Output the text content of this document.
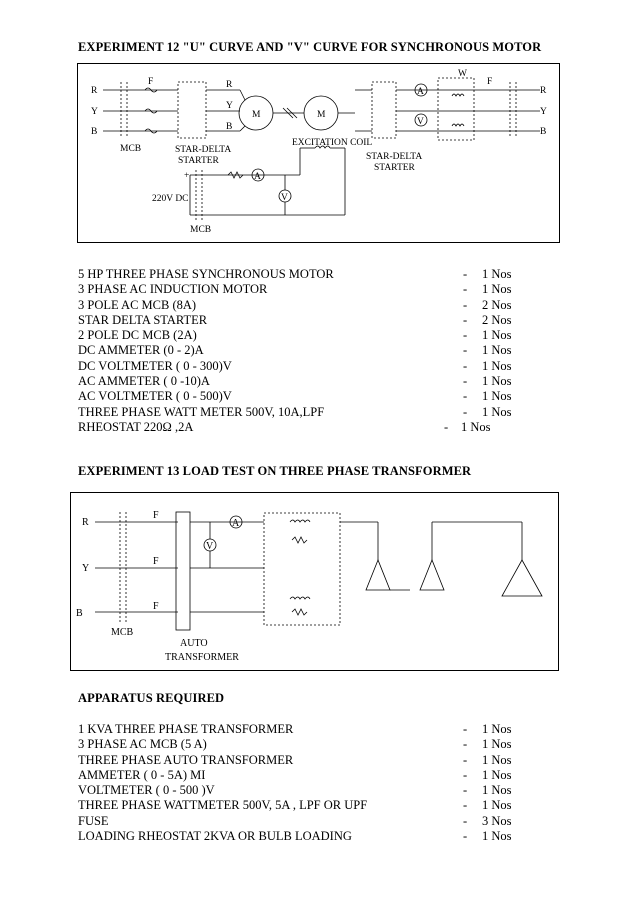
EXPERIMENT 12 "U" CURVE AND "V" CURVE FOR SYNCHRONOUS MOTOR
R
Y
B
F
MCB
R
Y
B
M	M
STAR-DELTA
STARTER
+
220V DC
MCB
A
V
EXCITATION COIL
STAR-DELTA
STARTER
A
V
W
F
R
Y
B
R
Y
B
F
F
F
MCB
A
V
AUTO
TRANSFORMER
5 HP THREE PHASE SYNCHRONOUS MOTOR	- 1 Nos
3 PHASE AC INDUCTION MOTOR	- 1 Nos
3 POLE AC MCB (8A)	- 2 Nos
STAR DELTA STARTER	- 2 Nos
2 POLE DC MCB (2A)	- 1 Nos
DC AMMETER (0 - 2)A	- 1 Nos
DC VOLTMETER ( 0 - 300)V	- 1 Nos
AC AMMETER ( 0 -10)A	- 1 Nos
AC VOLTMETER ( 0 - 500)V	- 1 Nos
THREE PHASE WATT METER 500V, 10A,LPF	- 1 Nos
RHEOSTAT 220Ω ,2A	- 1 Nos
EXPERIMENT 13 LOAD TEST ON THREE PHASE TRANSFORMER
APPARATUS REQUIRED
1 KVA THREE PHASE TRANSFORMER	- 1 Nos
3 PHASE AC MCB (5 A)	- 1 Nos
THREE PHASE AUTO TRANSFORMER	- 1 Nos
AMMETER ( 0 - 5A) MI	- 1 Nos
VOLTMETER ( 0 - 500 )V	- 1 Nos
THREE PHASE WATTMETER 500V, 5A , LPF OR UPF	- 1 Nos
FUSE	- 3 Nos
LOADING RHEOSTAT 2KVA OR BULB LOADING	- 1 Nos
